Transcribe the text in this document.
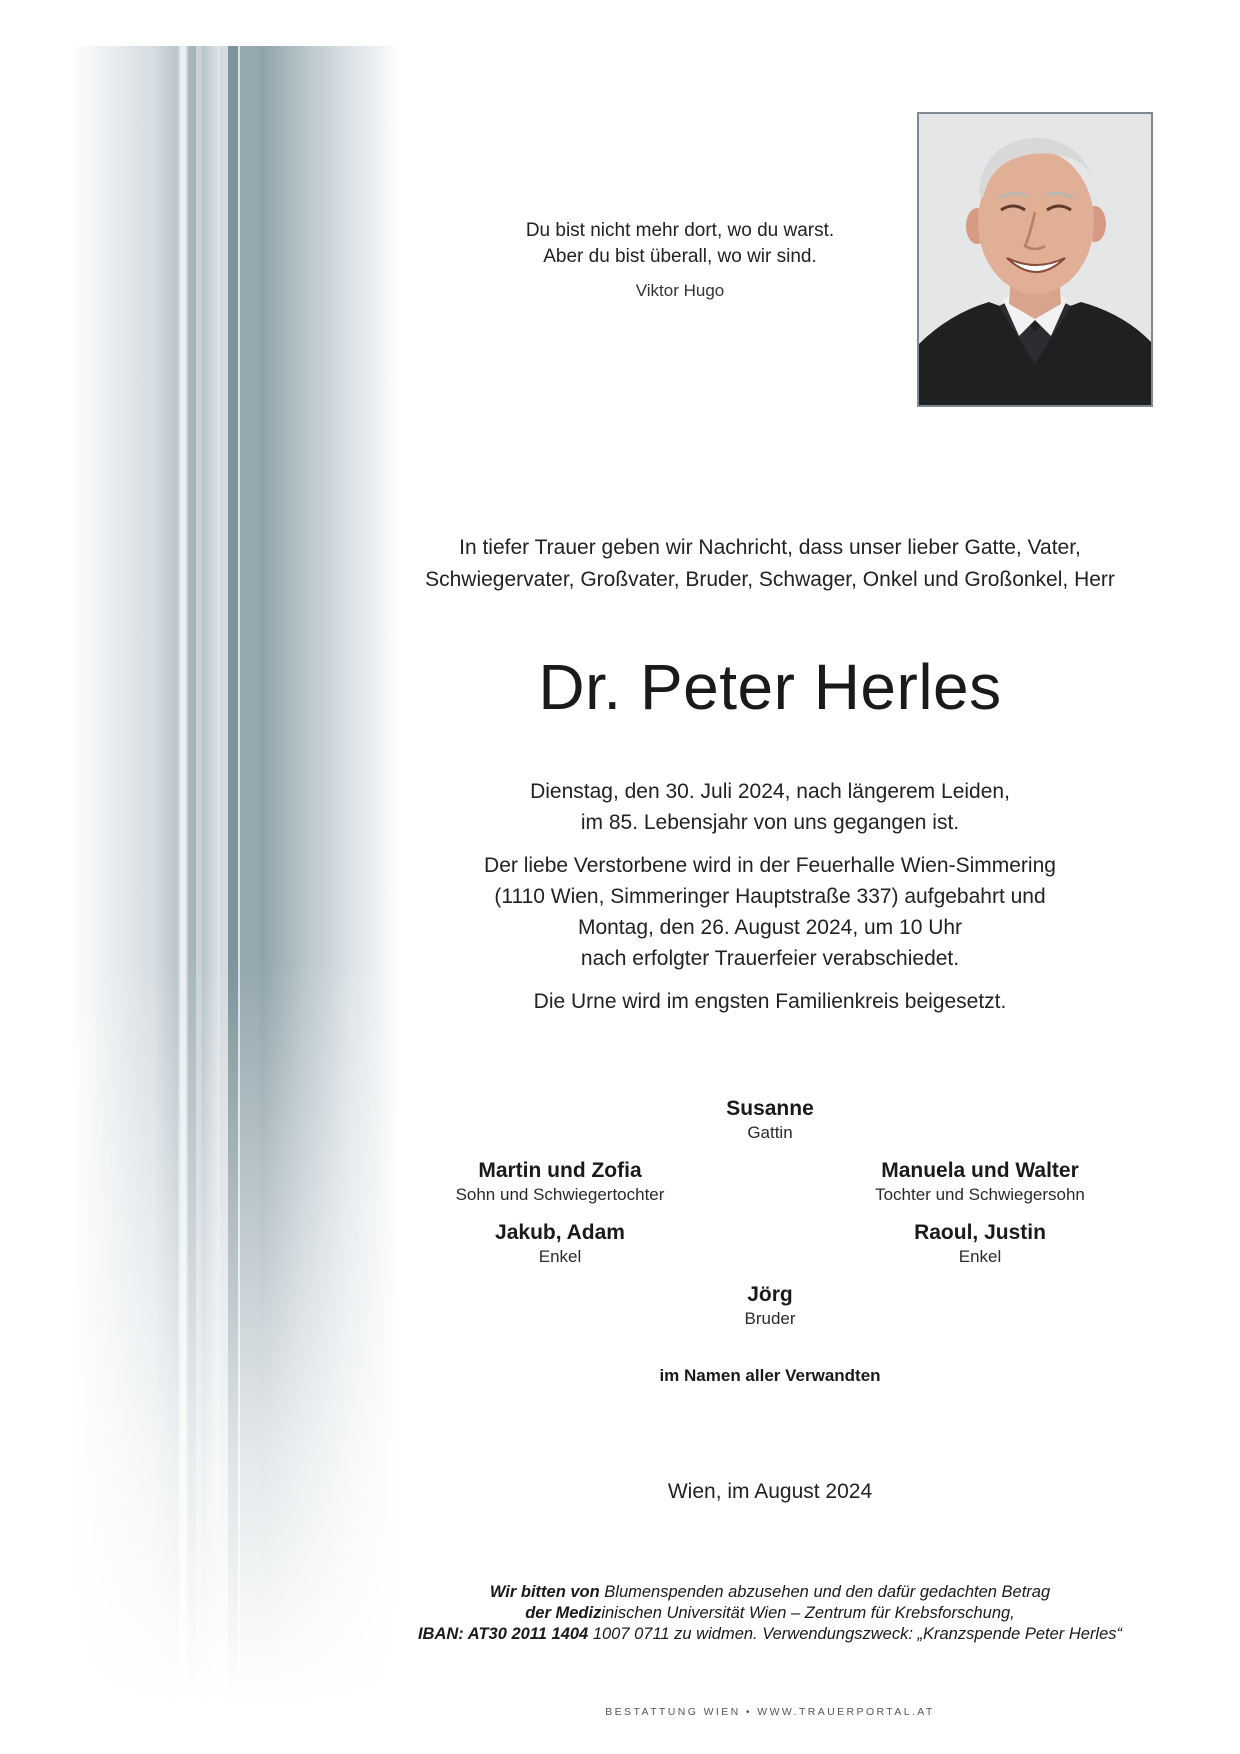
Du bist nicht mehr dort, wo du warst.
Aber du bist überall, wo wir sind.
Viktor Hugo
In tiefer Trauer geben wir Nachricht, dass unser lieber Gatte, Vater,
Schwiegervater, Großvater, Bruder, Schwager, Onkel und Großonkel, Herr
Dr. Peter Herles

Dienstag, den 30. Juli 2024, nach längerem Leiden,
im 85. Lebensjahr von uns gegangen ist.

Der liebe Verstorbene wird in der Feuerhalle Wien-Simmering
(1110 Wien, Simmeringer Hauptstraße 337) aufgebahrt und
Montag, den 26. August 2024, um 10 Uhr
nach erfolgter Trauerfeier verabschiedet.

Die Urne wird im engsten Familienkreis beigesetzt.

Susanne
Gattin
Martin und Zofia
Sohn und Schwiegertochter
Manuela und Walter
Tochter und Schwiegersohn
Jakub, Adam
Enkel
Raoul, Justin
Enkel
Jörg
Bruder
im Namen aller Verwandten
Wien, im August 2024
Wir bitten von Blumenspenden abzusehen und den dafür gedachten Betrag
der Medizinischen Universität Wien – Zentrum für Krebsforschung,
IBAN: AT30 2011 1404 1007 0711 zu widmen. Verwendungszweck: „Kranzspende Peter Herles“
BESTATTUNG WIEN • WWW.TRAUERPORTAL.AT
